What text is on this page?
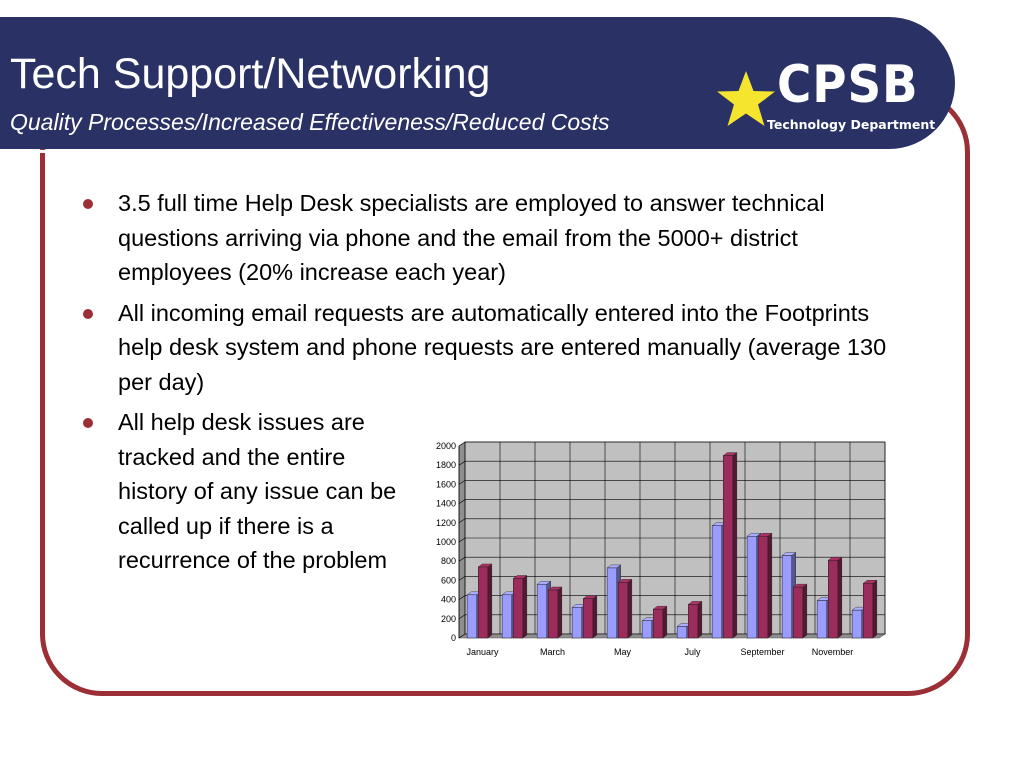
Tech Support/Networking
Quality Processes/Increased Effectiveness/Reduced Costs
CPSB
Technology Department
3.5 full time Help Desk specialists are employed to answer technical questions arriving via phone and the email from the 5000+ district employees (20% increase each year)
All incoming email requests are automatically entered into the Footprints help desk system and phone requests are entered manually (average 130 per day)
All help desk issues are tracked and the entire history of any issue can be called up if there is a recurrence of the problem
0
200
400
600
800
1000
1200
1400
1600
1800
2000
January	March	May	July	September	November
